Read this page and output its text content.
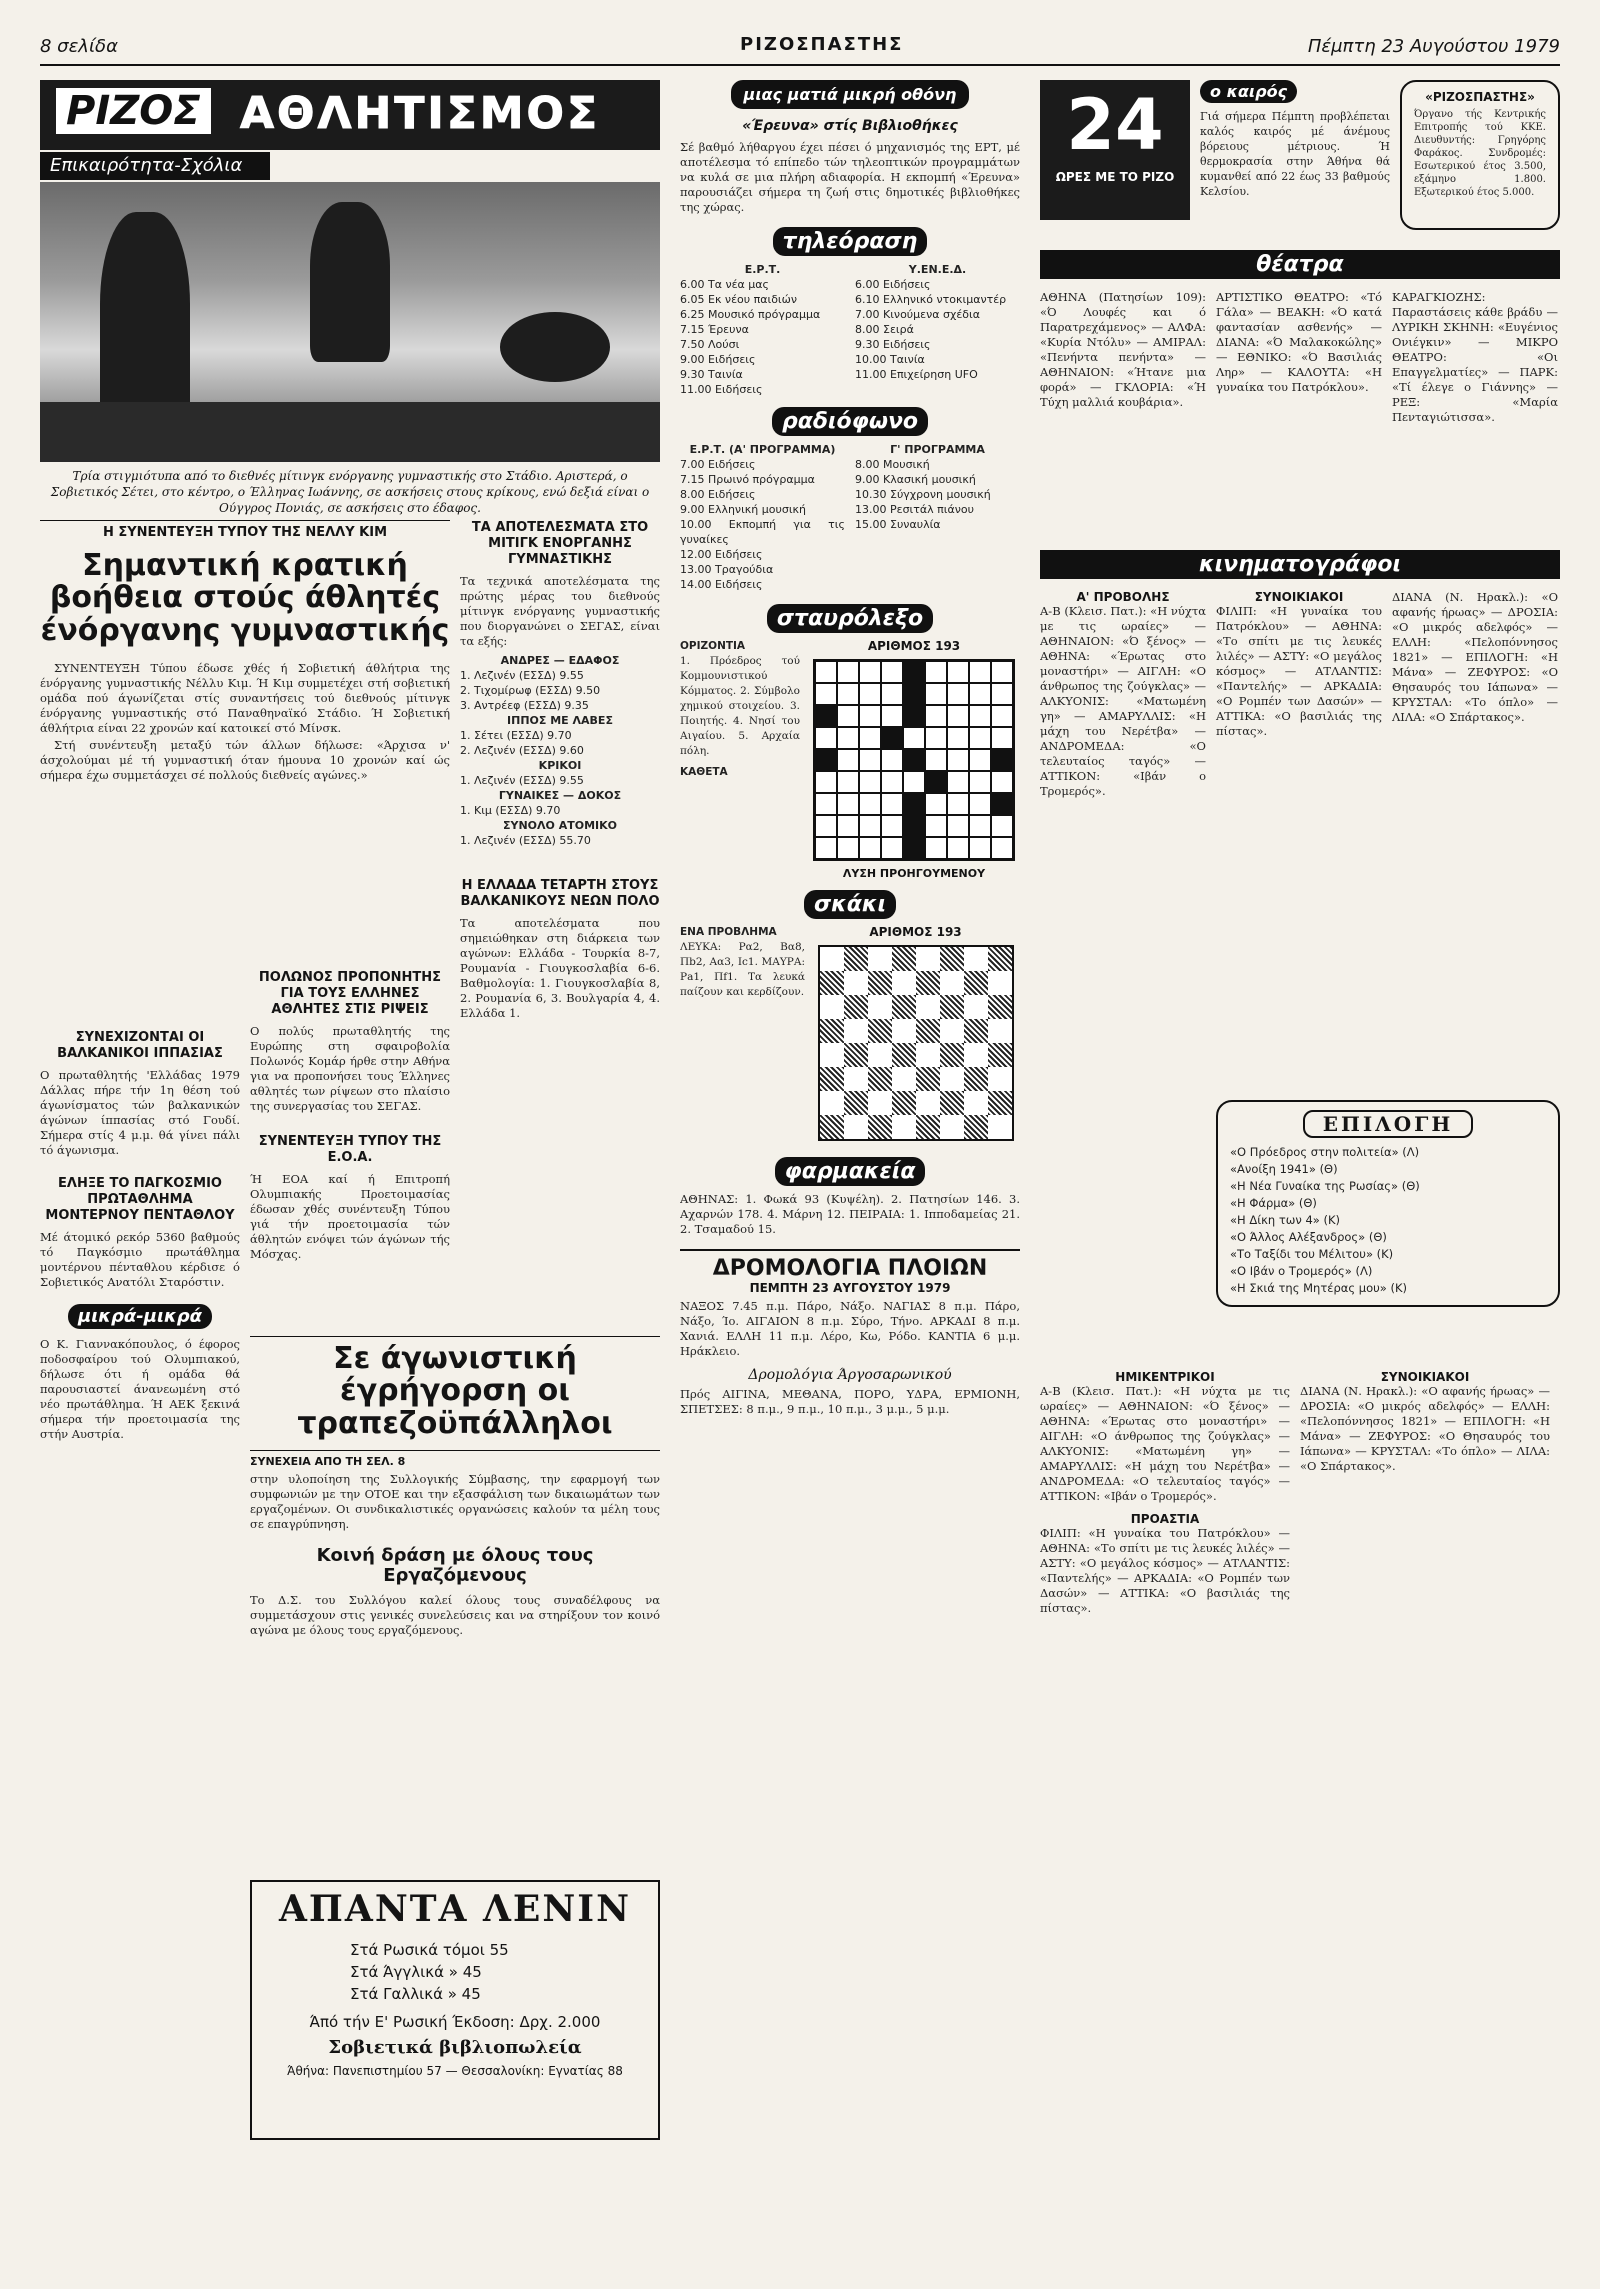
8 σελίδα	ΡΙΖΟΣΠΑΣΤΗΣ	Πέμπτη 23 Αυγούστου 1979
ΡΙΖΟΣ ΑΘΛΗΤΙΣΜΟΣ
Επικαιρότητα-Σχόλια
Τρία στιγμιότυπα από το διεθνές μίτινγκ ενόργανης γυμναστικής στο Στάδιο. Αριστερά, ο Σοβιετικός Σέτει, στο κέντρο, ο Έλληνας Ιωάννης, σε ασκήσεις στους κρίκους, ενώ δεξιά είναι ο Ούγγρος Πονιάς, σε ασκήσεις στο έδαφος.
Η ΣΥΝΕΝΤΕΥΞΗ ΤΥΠΟΥ ΤΗΣ ΝΕΛΛΥ ΚΙΜ
Σημαντική κρατική βοήθεια στούς άθλητές ένόργανης γυμναστικής

ΣΥΝΕΝΤΕΥΞΗ Τύπου έδωσε χθές ή Σοβιετική άθλήτρια της ένόργανης γυμναστικής Νέλλυ Κιμ. Ή Κιμ συμμετέχει στή σοβιετική ομάδα πού άγωνίζεται στίς συναντήσεις τού διεθνούς μίτινγκ ένόργανης γυμναστικής στό Παναθηναϊκό Στάδιο. Ή Σοβιετική άθλήτρια είναι 22 χρονών καί κατοικεί στό Μίνσκ.

Στή συνέντευξη μεταξύ τών άλλων δήλωσε: «Άρχισα ν' άσχολούμαι μέ τή γυμναστική όταν ήμουνα 10 χρονών καί ώς σήμερα έχω συμμετάσχει σέ πολλούς διεθνείς αγώνες.»

ΣΥΝΕΧΙΖΟΝΤΑΙ ΟΙ ΒΑΛΚΑΝΙΚΟΙ ΙΠΠΑΣΙΑΣ
Ο πρωταθλητής 'Ελλάδας 1979 Δάλλας πήρε τήν 1η θέση τού άγωνίσματος τών βαλκανικών άγώνων ίππασίας στό Γουδί. Σήμερα στίς 4 μ.μ. θά γίνει πάλι τό άγωνισμα.
ΕΛΗΞΕ ΤΟ ΠΑΓΚΟΣΜΙΟ ΠΡΩΤΑΘΛΗΜΑ ΜΟΝΤΕΡΝΟΥ ΠΕΝΤΑΘΛΟΥ
Μέ άτομικό ρεκόρ 5360 βαθμούς τό Παγκόσμιο πρωτάθλημα μοντέρνου πένταθλου κέρδισε ό Σοβιετικός Ανατόλι Σταρόστιν.
μικρά-μικρά
Ο Κ. Γιαννακόπουλος, ό έφορος ποδοσφαίρου τού Ολυμπιακού, δήλωσε ότι ή ομάδα θά παρουσιαστεί άνανεωμένη στό νέο πρωτάθλημα. Ή ΑΕΚ ξεκινά σήμερα τήν προετοιμασία της στήν Αυστρία.
ΤΑ ΑΠΟΤΕΛΕΣΜΑΤΑ ΣΤΟ ΜΙΤΙΓΚ ΕΝΟΡΓΑΝΗΣ ΓΥΜΝΑΣΤΙΚΗΣ
Τα τεχνικά αποτελέσματα της πρώτης μέρας του διεθνούς μίτινγκ ενόργανης γυμναστικής που διοργανώνει ο ΣΕΓΑΣ, είναι τα εξής:
ΑΝΔΡΕΣ — ΕΔΑΦΟΣ
1. Λεζινέν (ΕΣΣΔ) 9.55
2. Τιχομίρωφ (ΕΣΣΔ) 9.50
3. Αντρέεφ (ΕΣΣΔ) 9.35
ΙΠΠΟΣ ΜΕ ΛΑΒΕΣ
1. Σέτει (ΕΣΣΔ) 9.70
2. Λεζινέν (ΕΣΣΔ) 9.60
ΚΡΙΚΟΙ
1. Λεζινέν (ΕΣΣΔ) 9.55
ΓΥΝΑΙΚΕΣ — ΔΟΚΟΣ
1. Κιμ (ΕΣΣΔ) 9.70
ΣΥΝΟΛΟ ΑΤΟΜΙΚΟ
1. Λεζινέν (ΕΣΣΔ) 55.70
Η ΕΛΛΑΔΑ ΤΕΤΑΡΤΗ ΣΤΟΥΣ ΒΑΛΚΑΝΙΚΟΥΣ ΝΕΩΝ ΠΟΛΟ
Τα αποτελέσματα που σημειώθηκαν στη διάρκεια των αγώνων: Ελλάδα - Τουρκία 8-7, Ρουμανία - Γιουγκοσλαβία 6-6. Βαθμολογία: 1. Γιουγκοσλαβία 8, 2. Ρουμανία 6, 3. Βουλγαρία 4, 4. Ελλάδα 1.
ΠΟΛΩΝΟΣ ΠΡΟΠΟΝΗΤΗΣ ΓΙΑ ΤΟΥΣ ΕΛΛΗΝΕΣ ΑΘΛΗΤΕΣ ΣΤΙΣ ΡΙΨΕΙΣ
Ο πολύς πρωταθλητής της Ευρώπης στη σφαιροβολία Πολωνός Κομάρ ήρθε στην Αθήνα για να προπονήσει τους Έλληνες αθλητές των ρίψεων στο πλαίσιο της συνεργασίας του ΣΕΓΑΣ.
ΣΥΝΕΝΤΕΥΞΗ ΤΥΠΟΥ ΤΗΣ Ε.Ο.Α.
Ή ΕΟΑ καί ή Επιτροπή Ολυμπιακής Προετοιμασίας έδωσαν χθές συνέντευξη Τύπου γιά τήν προετοιμασία τών άθλητών ενόψει τών άγώνων τής Μόσχας.
Σε άγωνιστική έγρήγορση οι τραπεζοϋπάλληλοι
ΣΥΝΕΧΕΙΑ ΑΠΟ ΤΗ ΣΕΛ. 8
στην υλοποίηση της Συλλογικής Σύμβασης, την εφαρμογή των συμφωνιών με την ΟΤΟΕ και την εξασφάλιση των δικαιωμάτων των εργαζομένων. Οι συνδικαλιστικές οργανώσεις καλούν τα μέλη τους σε επαγρύπνηση.
Κοινή δράση με όλους τους Εργαζόμενους
Το Δ.Σ. του Συλλόγου καλεί όλους τους συναδέλφους να συμμετάσχουν στις γενικές συνελεύσεις και να στηρίξουν τον κοινό αγώνα με όλους τους εργαζόμενους.
ΑΠΑΝΤΑ ΛΕΝΙΝ
Στά Ρωσικά τόμοι 55
Στά Άγγλικά » 45
Στά Γαλλικά » 45
Άπό τήν Ε' Ρωσική Έκδοση: Δρχ. 2.000
Σοβιετικά βιβλιοπωλεία
Άθήνα: Πανεπιστημίου 57 — Θεσσαλονίκη: Εγνατίας 88
μιας ματιά μικρή οθόνη
«Έρευνα» στίς Βιβλιοθήκες
Σέ βαθμό λήθαργου έχει πέσει ό μηχανισμός της ΕΡΤ, μέ αποτέλεσμα τό επίπεδο τών τηλεοπτικών προγραμμάτων να κυλά σε μια πλήρη αδιαφορία. Η εκπομπή «Έρευνα» παρουσιάζει σήμερα τη ζωή στις δημοτικές βιβλιοθήκες της χώρας.
τηλεόραση
Ε.Ρ.Τ.
6.00 Τα νέα μας
6.05 Εκ νέου παιδιών
6.25 Μουσικό πρόγραμμα
7.15 Έρευνα
7.50 Λούσι
9.00 Ειδήσεις
9.30 Ταινία
11.00 Ειδήσεις
Υ.ΕΝ.Ε.Δ.
6.00 Ειδήσεις
6.10 Ελληνικό ντοκιμαντέρ
7.00 Κινούμενα σχέδια
8.00 Σειρά
9.30 Ειδήσεις
10.00 Ταινία
11.00 Επιχείρηση UFO
ραδιόφωνο
Ε.Ρ.Τ. (Α' ΠΡΟΓΡΑΜΜΑ)
7.00 Ειδήσεις
7.15 Πρωινό πρόγραμμα
8.00 Ειδήσεις
9.00 Ελληνική μουσική
10.00 Εκπομπή για τις γυναίκες
12.00 Ειδήσεις
13.00 Τραγούδια
14.00 Ειδήσεις
Γ' ΠΡΟΓΡΑΜΜΑ
8.00 Μουσική
9.00 Κλασική μουσική
10.30 Σύγχρονη μουσική
13.00 Ρεσιτάλ πιάνου
15.00 Συναυλία
σταυρόλεξο
ΟΡΙΖΟΝΤΙΑ
1. Πρόεδρος τού Κομμουνιστικού Κόμματος. 2. Σύμβολο χημικού στοιχείου. 3. Ποιητής. 4. Νησί του Αιγαίου. 5. Αρχαία πόλη.
ΚΑΘΕΤΑ
ΑΡΙΘΜΟΣ 193
ΛΥΣΗ ΠΡΟΗΓΟΥΜΕΝΟΥ
σκάκι
ΕΝΑ ΠΡΟΒΛΗΜΑ
ΛΕΥΚΑ: Ρα2, Βα8, Πb2, Αα3, Ιc1. ΜΑΥΡΑ: Ρa1, Πf1. Τα λευκά παίζουν και κερδίζουν.
ΑΡΙΘΜΟΣ 193
φαρμακεία
ΑΘΗΝΑΣ: 1. Φωκά 93 (Κυψέλη). 2. Πατησίων 146. 3. Αχαρνών 178. 4. Μάρνη 12. ΠΕΙΡΑΙΑ: 1. Ιπποδαμείας 21. 2. Τσαμαδού 15.
ΔΡΟΜΟΛΟΓΙΑ ΠΛΟΙΩΝ
ΠΕΜΠΤΗ 23 ΑΥΓΟΥΣΤΟΥ 1979
ΝΑΞΟΣ 7.45 π.μ. Πάρο, Νάξο. ΝΑΓΙΑΣ 8 π.μ. Πάρο, Νάξο, Ίο. ΑΙΓΑΙΟΝ 8 π.μ. Σύρο, Τήνο. ΑΡΚΑΔΙ 8 π.μ. Χανιά. ΕΛΛΗ 11 π.μ. Λέρο, Κω, Ρόδο. ΚΑΝΤΙΑ 6 μ.μ. Ηράκλειο.
Δρομολόγια Άργοσαρωνικού
Πρός ΑΙΓΙΝΑ, ΜΕΘΑΝΑ, ΠΟΡΟ, ΥΔΡΑ, ΕΡΜΙΟΝΗ, ΣΠΕΤΣΕΣ: 8 π.μ., 9 π.μ., 10 π.μ., 3 μ.μ., 5 μ.μ.
24
ΩΡΕΣ ΜΕ ΤΟ ΡΙΖΟ
ο καιρός
Γιά σήμερα Πέμπτη προβλέπεται καλός καιρός μέ άνέμους βόρειους μέτριους. Ή θερμοκρασία στην Άθήνα θά κυμανθεί από 22 έως 33 βαθμούς Κελσίου.
«ΡΙΖΟΣΠΑΣΤΗΣ»
Όργανο τής Κεντρικής Επιτροπής τού ΚΚΕ. Διευθυντής: Γρηγόρης Φαράκος. Συνδρομές: Εσωτερικού έτος 3.500, εξάμηνο 1.800. Εξωτερικού έτος 5.000.
θέατρα
ΑΘΗΝΑ (Πατησίων 109): «Ό Λουφές και ό Παρατρεχάμενος» — ΑΛΦΑ: «Κυρία Ντόλυ» — ΑΜΙΡΑΛ: «Πενήντα πενήντα» — ΑΘΗΝΑΙΟΝ: «Ήτανε μια φορά» — ΓΚΛΟΡΙΑ: «Ή Τύχη μαλλιά κουβάρια».
ΑΡΤΙΣΤΙΚΟ ΘΕΑΤΡΟ: «Τό Γάλα» — ΒΕΑΚΗ: «Ό κατά φαντασίαν ασθενής» — ΔΙΑΝΑ: «Ό Μαλακοκώλης» — ΕΘΝΙΚΟ: «Ό Βασιλιάς Ληρ» — ΚΑΛΟΥΤΑ: «Η γυναίκα του Πατρόκλου».
ΚΑΡΑΓΚΙΟΖΗΣ: Παραστάσεις κάθε βράδυ — ΛΥΡΙΚΗ ΣΚΗΝΗ: «Ευγένιος Ονιέγκιν» — ΜΙΚΡΟ ΘΕΑΤΡΟ: «Οι Επαγγελματίες» — ΠΑΡΚ: «Τί έλεγε ο Γιάννης» — ΡΕΞ: «Μαρία Πενταγιώτισσα».
κινηματογράφοι
Α' ΠΡΟΒΟΛΗΣ
Α-Β (Κλεισ. Πατ.): «Η νύχτα με τις ωραίες» — ΑΘΗΝΑΙΟΝ: «Ό ξένος» — ΑΘΗΝΑ: «Έρωτας στο μοναστήρι» — ΑΙΓΛΗ: «Ο άνθρωπος της ζούγκλας» — ΑΛΚΥΟΝΙΣ: «Ματωμένη γη» — ΑΜΑΡΥΛΛΙΣ: «Η μάχη του Νερέτβα» — ΑΝΔΡΟΜΕΔΑ: «Ο τελευταίος ταγός» — ΑΤΤΙΚΟΝ: «Ιβάν ο Τρομερός».
ΣΥΝΟΙΚΙΑΚΟΙ
ΦΙΛΙΠ: «Η γυναίκα του Πατρόκλου» — ΑΘΗΝΑ: «Το σπίτι με τις λευκές λιλές» — ΑΣΤΥ: «Ο μεγάλος κόσμος» — ΑΤΛΑΝΤΙΣ: «Παντελής» — ΑΡΚΑΔΙΑ: «Ο Ρομπέν των Δασών» — ΑΤΤΙΚΑ: «Ο βασιλιάς της πίστας».
ΔΙΑΝΑ (Ν. Ηρακλ.): «Ο αφανής ήρωας» — ΔΡΟΣΙΑ: «Ο μικρός αδελφός» — ΕΛΛΗ: «Πελοπόννησος 1821» — ΕΠΙΛΟΓΗ: «Η Μάνα» — ΖΕΦΥΡΟΣ: «Ο Θησαυρός του Ιάπωνα» — ΚΡΥΣΤΑΛ: «Το όπλο» — ΛΙΛΑ: «Ο Σπάρτακος».
ΕΠΙΛΟΓΗ
«Ο Πρόεδρος στην πολιτεία» (Λ)
«Ανοίξη 1941» (Θ)
«Η Νέα Γυναίκα της Ρωσίας» (Θ)
«Η Φάρμα» (Θ)
«Η Δίκη των 4» (Κ)
«Ο Άλλος Αλέξανδρος» (Θ)
«Το Ταξίδι του Μέλιτου» (Κ)
«Ο Ιβάν ο Τρομερός» (Λ)
«Η Σκιά της Μητέρας μου» (Κ)
ΗΜΙΚΕΝΤΡΙΚΟΙ
Α-Β (Κλεισ. Πατ.): «Η νύχτα με τις ωραίες» — ΑΘΗΝΑΙΟΝ: «Ό ξένος» — ΑΘΗΝΑ: «Έρωτας στο μοναστήρι» — ΑΙΓΛΗ: «Ο άνθρωπος της ζούγκλας» — ΑΛΚΥΟΝΙΣ: «Ματωμένη γη» — ΑΜΑΡΥΛΛΙΣ: «Η μάχη του Νερέτβα» — ΑΝΔΡΟΜΕΔΑ: «Ο τελευταίος ταγός» — ΑΤΤΙΚΟΝ: «Ιβάν ο Τρομερός».
ΠΡΟΑΣΤΙΑ
ΦΙΛΙΠ: «Η γυναίκα του Πατρόκλου» — ΑΘΗΝΑ: «Το σπίτι με τις λευκές λιλές» — ΑΣΤΥ: «Ο μεγάλος κόσμος» — ΑΤΛΑΝΤΙΣ: «Παντελής» — ΑΡΚΑΔΙΑ: «Ο Ρομπέν των Δασών» — ΑΤΤΙΚΑ: «Ο βασιλιάς της πίστας».
ΣΥΝΟΙΚΙΑΚΟΙ
ΔΙΑΝΑ (Ν. Ηρακλ.): «Ο αφανής ήρωας» — ΔΡΟΣΙΑ: «Ο μικρός αδελφός» — ΕΛΛΗ: «Πελοπόννησος 1821» — ΕΠΙΛΟΓΗ: «Η Μάνα» — ΖΕΦΥΡΟΣ: «Ο Θησαυρός του Ιάπωνα» — ΚΡΥΣΤΑΛ: «Το όπλο» — ΛΙΛΑ: «Ο Σπάρτακος».
